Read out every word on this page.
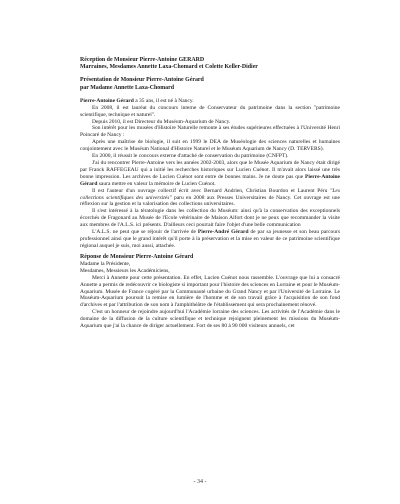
Réception de Monsieur Pierre-Antoine GERARD

Marraines, Mesdames Annette Laxa-Chomard et Colette Keller-Didier

Présentation de Monsieur Pierre-Antoine Gérard

par Madame Annette Laxa-Chomard

Pierre-Antoine Gérard a 35 ans, il est né à Nancy.

En 2008, il est lauréat du concours interne de Conservateur du patrimoine dans la section "patrimoine scientifique, technique et naturel".

Depuis 2010, il est Directeur du Muséum-Aquarium de Nancy.

Son intérêt pour les musées d'Histoire Naturelle remonte à ses études supérieures effectuées à l'Université Henri Poincaré de Nancy :

Après une maîtrise de biologie, il suit en 1999 le DEA de Muséologie des sciences naturelles et humaines conjointement avec le Muséum National d'Histoire Naturel et le Muséum Aquarium de Nancy (D. TERVERS).

En 2000, il réussit le concours externe d'attaché de conservation du patrimoine (CNFPT).

J'ai du rencontrer Pierre-Antoine vers les années 2002-2003, alors que le Musée Aquarium de Nancy était dirigé par Franck RAFFEGEAU qui a initié les recherches historiques sur Lucien Cuénot. Il m'avait alors laissé une très bonne impression. Les archives de Lucien Cuénot sont entre de bonnes mains. Je ne doute pas que Pierre-Antoine Gérard saura mettre en valeur la mémoire de Lucien Cuénot.

Il est l'auteur d'un ouvrage collectif écrit avec Bernard Andrien, Christian Bourdon et Laurent Péru "Les collections scientifiques des universités" paru en 2008 aux Presses Universitaires de Nancy. Cet ouvrage est une réflexion sur la gestion et la valorisation des collections universitaires.

Il s'est intéressé à la tératologie dans les collection du Muséum: ainsi qu'à la conservation des exceptionnels écorchés de Fragonard au Musée de l'Ecole vétérinaire de Maison Alfort dont je ne peux que recommander la visite aux membres de l'A.L.S. ici présents. D'ailleurs ceci pourrait faire l'objet d'une belle communication

L'A.L.S. ne peut que se réjouir de l'arrivée de Pierre-André Gérard de par sa jeunesse et son beau parcours professionnel ainsi que le grand intérêt qu'il porte à la préservation et la mise en valeur de ce patrimoine scientifique régional auquel je suis, moi aussi, attachée.

Réponse de Monsieur Pierre-Antoine Gérard

Madame la Présidente,

Mesdames, Messieurs les Académiciens,

Merci à Annette pour cette présentation. En effet, Lucien Cuénot nous rassemble. L'ouvrage que lui a consacré Annette a permis de redécouvrir ce biologiste si important pour l'histoire des sciences en Lorraine et pour le Muséum-Aquarium. Musée de France cogéré par la Communauté urbaine du Grand Nancy et par l'Université de Lorraine. Le Muséum-Aquarium poursuit la remise en lumière de l'homme et de son travail grâce à l'acquisition de son fond d'archives et par l'attribution de son nom à l'amphithéâtre de l'établissement qui sera prochainement rénové.

C'est un honneur de rejoindre aujourd'hui l'Académie lorraine des sciences. Les activités de l'Académie dans le domaine de la diffusion de la culture scientifique et technique rejoignent pleinement les missions du Muséum-Aquarium que j'ai la chance de diriger actuellement. Fort de ses 80 à 90 000 visiteurs annuels, cet

- 34 -
